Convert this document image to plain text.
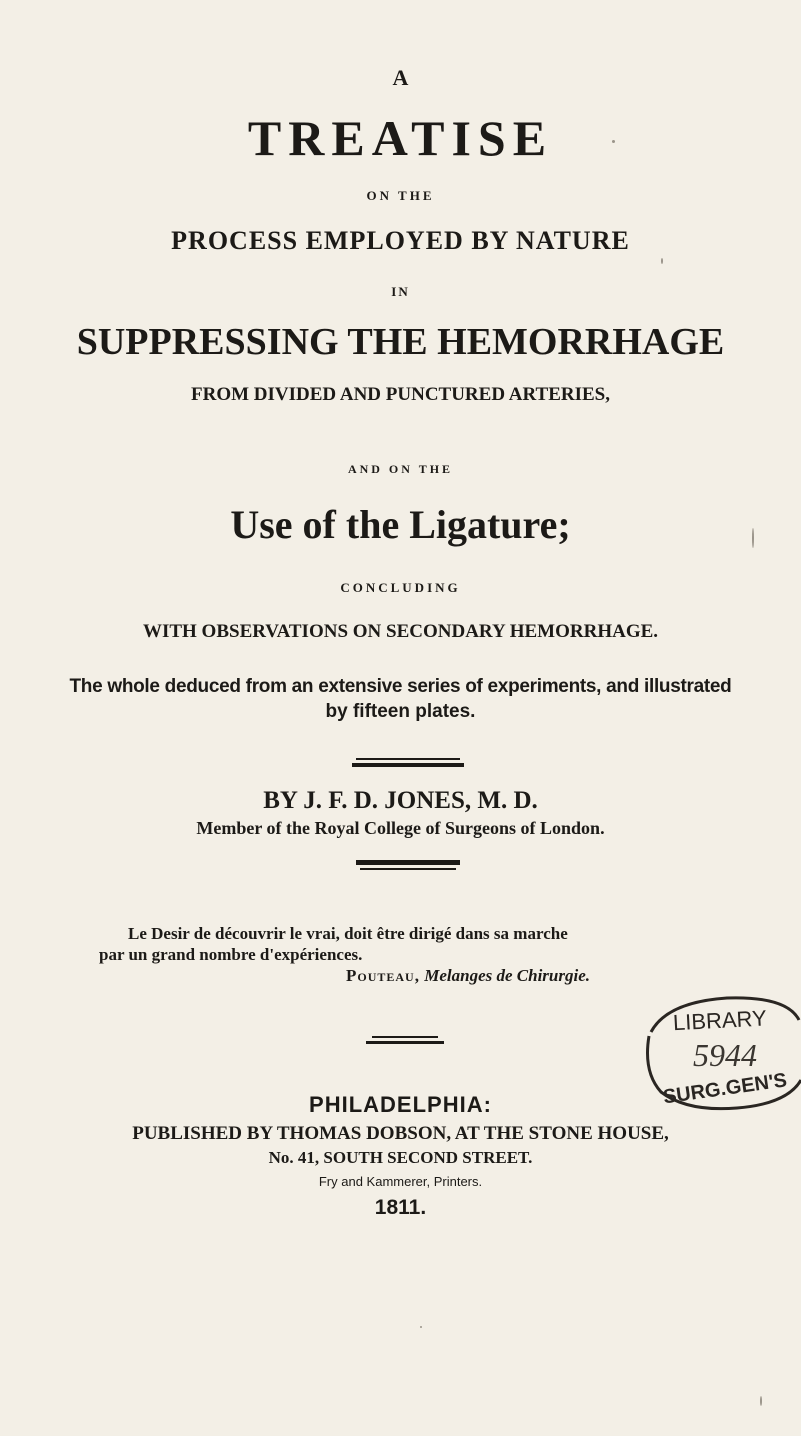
A
TREATISE
ON THE
PROCESS EMPLOYED BY NATURE
IN
SUPPRESSING THE HEMORRHAGE
FROM DIVIDED AND PUNCTURED ARTERIES,
AND ON THE
Use of the Ligature;
CONCLUDING
WITH OBSERVATIONS ON SECONDARY HEMORRHAGE.
The whole deduced from an extensive series of experiments, and illustrated
by fifteen plates.
BY J. F. D. JONES, M. D.
Member of the Royal College of Surgeons of London.
Le Desir de découvrir le vrai, doit être dirigé dans sa marche
par un grand nombre d'expériences.
Pouteau, Melanges de Chirurgie.
PHILADELPHIA:
PUBLISHED BY THOMAS DOBSON, AT THE STONE HOUSE,
No. 41, SOUTH SECOND STREET.
Fry and Kammerer, Printers.
1811.
LIBRARY
5944
SURG.GEN'S
